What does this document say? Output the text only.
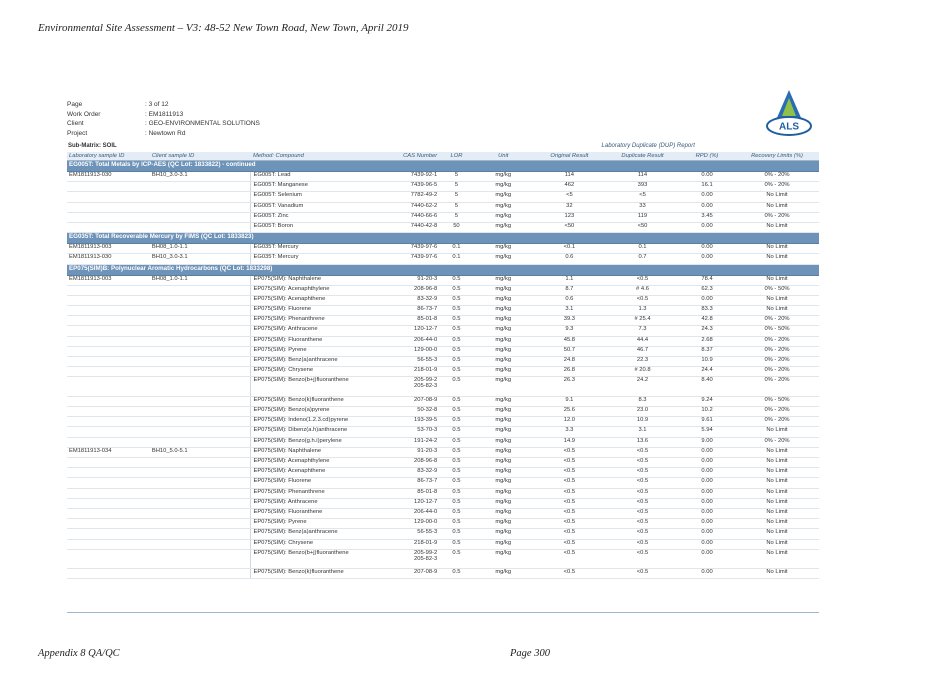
Environmental Site Assessment – V3: 48-52 New Town Road, New Town, April 2019
Page	: 3 of 12
Work Order	: EM1811913
Client	: GEO-ENVIRONMENTAL SOLUTIONS
Project	: Newtown Rd
ALS
Sub-Matrix: SOIL	Laboratory Duplicate (DUP) Report
Laboratory sample ID	Client sample ID	Method: Compound	CAS Number	LOR	Unit	Original Result	Duplicate Result	RPD (%)	Recovery Limits (%)
EG005T: Total Metals by ICP-AES (QC Lot: 1833822) - continued									
EM1811913-030	BH10_3.0-3.1	EG005T: Lead	7439-92-1	5	mg/kg	114	114	0.00	0% - 20%
		EG005T: Manganese	7439-96-5	5	mg/kg	462	393	16.1	0% - 20%
		EG005T: Selenium	7782-49-2	5	mg/kg	<5	<5	0.00	No Limit
		EG005T: Vanadium	7440-62-2	5	mg/kg	32	33	0.00	No Limit
		EG005T: Zinc	7440-66-6	5	mg/kg	123	119	3.45	0% - 20%
		EG005T: Boron	7440-42-8	50	mg/kg	<50	<50	0.00	No Limit
EG035T: Total Recoverable Mercury by FIMS (QC Lot: 1833823)									
EM1811913-003	BH08_1.0-1.1	EG035T: Mercury	7439-97-6	0.1	mg/kg	<0.1	0.1	0.00	No Limit
EM1811913-030	BH10_3.0-3.1	EG035T: Mercury	7439-97-6	0.1	mg/kg	0.6	0.7	0.00	No Limit
EP075(SIM)B: Polynuclear Aromatic Hydrocarbons (QC Lot: 1833298)									
EM1811913-003	BH08_1.0-1.1	EP075(SIM): Naphthalene	91-20-3	0.5	mg/kg	1.1	<0.5	78.4	No Limit
		EP075(SIM): Acenaphthylene	208-96-8	0.5	mg/kg	8.7	# 4.6	62.3	0% - 50%
		EP075(SIM): Acenaphthene	83-32-9	0.5	mg/kg	0.6	<0.5	0.00	No Limit
		EP075(SIM): Fluorene	86-73-7	0.5	mg/kg	3.1	1.3	83.3	No Limit
		EP075(SIM): Phenanthrene	85-01-8	0.5	mg/kg	39.3	# 25.4	42.8	0% - 20%
		EP075(SIM): Anthracene	120-12-7	0.5	mg/kg	9.3	7.3	24.3	0% - 50%
		EP075(SIM): Fluoranthene	206-44-0	0.5	mg/kg	45.8	44.4	2.68	0% - 20%
		EP075(SIM): Pyrene	129-00-0	0.5	mg/kg	50.7	46.7	8.37	0% - 20%
		EP075(SIM): Benz(a)anthracene	56-55-3	0.5	mg/kg	24.8	22.3	10.9	0% - 20%
		EP075(SIM): Chrysene	218-01-9	0.5	mg/kg	26.8	# 20.8	24.4	0% - 20%
		EP075(SIM): Benzo(b+j)fluoranthene	205-99-2
205-82-3	0.5	mg/kg	26.3	24.2	8.40	0% - 20%
		EP075(SIM): Benzo(k)fluoranthene	207-08-9	0.5	mg/kg	9.1	8.3	9.24	0% - 50%
		EP075(SIM): Benzo(a)pyrene	50-32-8	0.5	mg/kg	25.6	23.0	10.2	0% - 20%
		EP075(SIM): Indeno(1.2.3.cd)pyrene	193-39-5	0.5	mg/kg	12.0	10.9	9.61	0% - 20%
		EP075(SIM): Dibenz(a.h)anthracene	53-70-3	0.5	mg/kg	3.3	3.1	5.94	No Limit
		EP075(SIM): Benzo(g.h.i)perylene	191-24-2	0.5	mg/kg	14.9	13.6	9.00	0% - 20%
EM1811913-034	BH10_5.0-5.1	EP075(SIM): Naphthalene	91-20-3	0.5	mg/kg	<0.5	<0.5	0.00	No Limit
		EP075(SIM): Acenaphthylene	208-96-8	0.5	mg/kg	<0.5	<0.5	0.00	No Limit
		EP075(SIM): Acenaphthene	83-32-9	0.5	mg/kg	<0.5	<0.5	0.00	No Limit
		EP075(SIM): Fluorene	86-73-7	0.5	mg/kg	<0.5	<0.5	0.00	No Limit
		EP075(SIM): Phenanthrene	85-01-8	0.5	mg/kg	<0.5	<0.5	0.00	No Limit
		EP075(SIM): Anthracene	120-12-7	0.5	mg/kg	<0.5	<0.5	0.00	No Limit
		EP075(SIM): Fluoranthene	206-44-0	0.5	mg/kg	<0.5	<0.5	0.00	No Limit
		EP075(SIM): Pyrene	129-00-0	0.5	mg/kg	<0.5	<0.5	0.00	No Limit
		EP075(SIM): Benz(a)anthracene	56-55-3	0.5	mg/kg	<0.5	<0.5	0.00	No Limit
		EP075(SIM): Chrysene	218-01-9	0.5	mg/kg	<0.5	<0.5	0.00	No Limit
		EP075(SIM): Benzo(b+j)fluoranthene	205-99-2
205-82-3	0.5	mg/kg	<0.5	<0.5	0.00	No Limit
		EP075(SIM): Benzo(k)fluoranthene	207-08-9	0.5	mg/kg	<0.5	<0.5	0.00	No Limit
Appendix 8 QA/QC	Page 300
